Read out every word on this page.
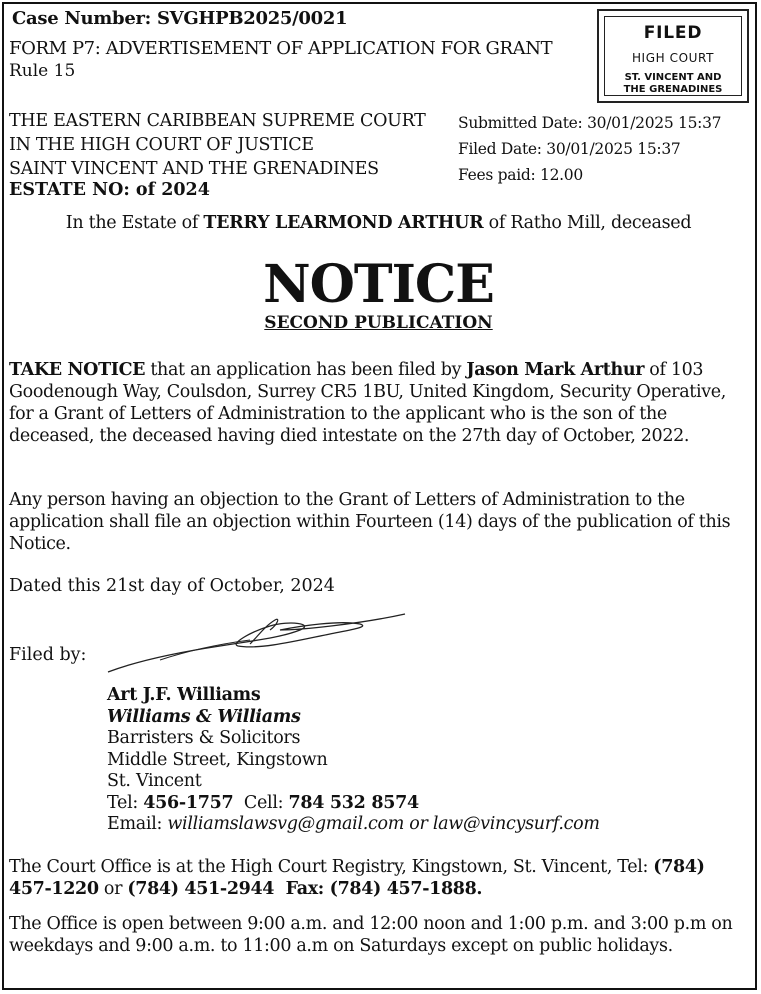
Case Number: SVGHPB2025/0021
FORM P7: ADVERTISEMENT OF APPLICATION FOR GRANT
Rule 15
FILED
HIGH COURT
ST. VINCENT AND
THE GRENADINES
THE EASTERN CARIBBEAN SUPREME COURT
IN THE HIGH COURT OF JUSTICE
SAINT VINCENT AND THE GRENADINES
ESTATE NO: of 2024
Submitted Date: 30/01/2025 15:37
Filed Date: 30/01/2025 15:37
Fees paid: 12.00
In the Estate of TERRY LEARMOND ARTHUR of Ratho Mill, deceased
NOTICE
SECOND PUBLICATION
TAKE NOTICE that an application has been filed by Jason Mark Arthur of 103 Goodenough Way, Coulsdon, Surrey CR5 1BU, United Kingdom, Security Operative, for a Grant of Letters of Administration to the applicant who is the son of the deceased, the deceased having died intestate on the 27th day of October, 2022.
Any person having an objection to the Grant of Letters of Administration to the application shall file an objection within Fourteen (14) days of the publication of this Notice.
Dated this 21st day of October, 2024
Filed by:
Art J.F. Williams
Williams & Williams
Barristers & Solicitors
Middle Street, Kingstown
St. Vincent
Tel: 456-1757  Cell: 784 532 8574
Email: williamslawsvg@gmail.com or law@vincysurf.com
The Court Office is at the High Court Registry, Kingstown, St. Vincent, Tel: (784) 457-1220 or (784) 451-2944  Fax: (784) 457-1888.
The Office is open between 9:00 a.m. and 12:00 noon and 1:00 p.m. and 3:00 p.m on weekdays and 9:00 a.m. to 11:00 a.m on Saturdays except on public holidays.
